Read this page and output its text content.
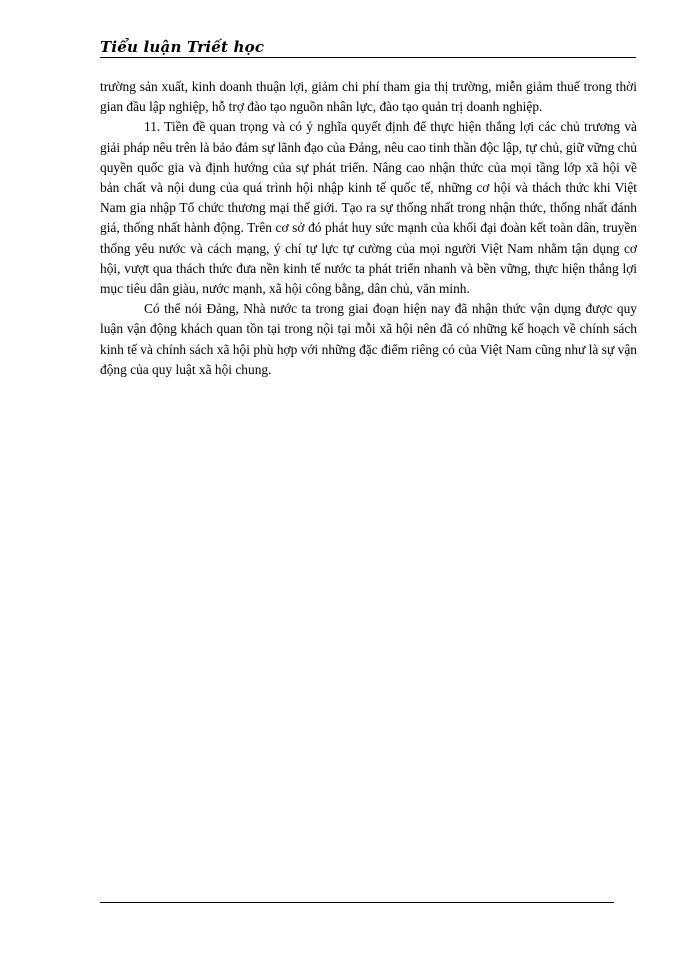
Tiểu luận Triết học

trường sản xuất, kinh doanh thuận lợi, giảm chi phí tham gia thị trường, miễn giảm thuế trong thời gian đầu lập nghiệp, hỗ trợ đào tạo nguồn nhân lực, đào tạo quản trị doanh nghiệp.

11. Tiền đề quan trọng và có ý nghĩa quyết định để thực hiện thắng lợi các chủ trương và giải pháp nêu trên là bảo đảm sự lãnh đạo của Đảng, nêu cao tinh thần độc lập, tự chủ, giữ vững chủ quyền quốc gia và định hướng của sự phát triển. Nâng cao nhận thức của mọi tầng lớp xã hội về bản chất và nội dung của quá trình hội nhập kinh tế quốc tế, những cơ hội và thách thức khi Việt Nam gia nhập Tổ chức thương mại thế giới. Tạo ra sự thống nhất trong nhận thức, thống nhất đánh giá, thống nhất hành động. Trên cơ sở đó phát huy sức mạnh của khối đại đoàn kết toàn dân, truyền thống yêu nước và cách mạng, ý chí tự lực tự cường của mọi người Việt Nam nhằm tận dụng cơ hội, vượt qua thách thức đưa nền kinh tế nước ta phát triển nhanh và bền vững, thực hiện thắng lợi mục tiêu dân giàu, nước mạnh, xã hội công bằng, dân chủ, văn minh.

Có thể nói Đảng, Nhà nước ta trong giai đoạn hiện nay đã nhận thức vận dụng được quy luận vận động khách quan tồn tại trong nội tại mỗi xã hội nên đã có những kế hoạch về chính sách kinh tế và chính sách xã hội phù hợp với những đặc điểm riêng có của Việt Nam cũng như là sự vận động của quy luật xã hội chung.
